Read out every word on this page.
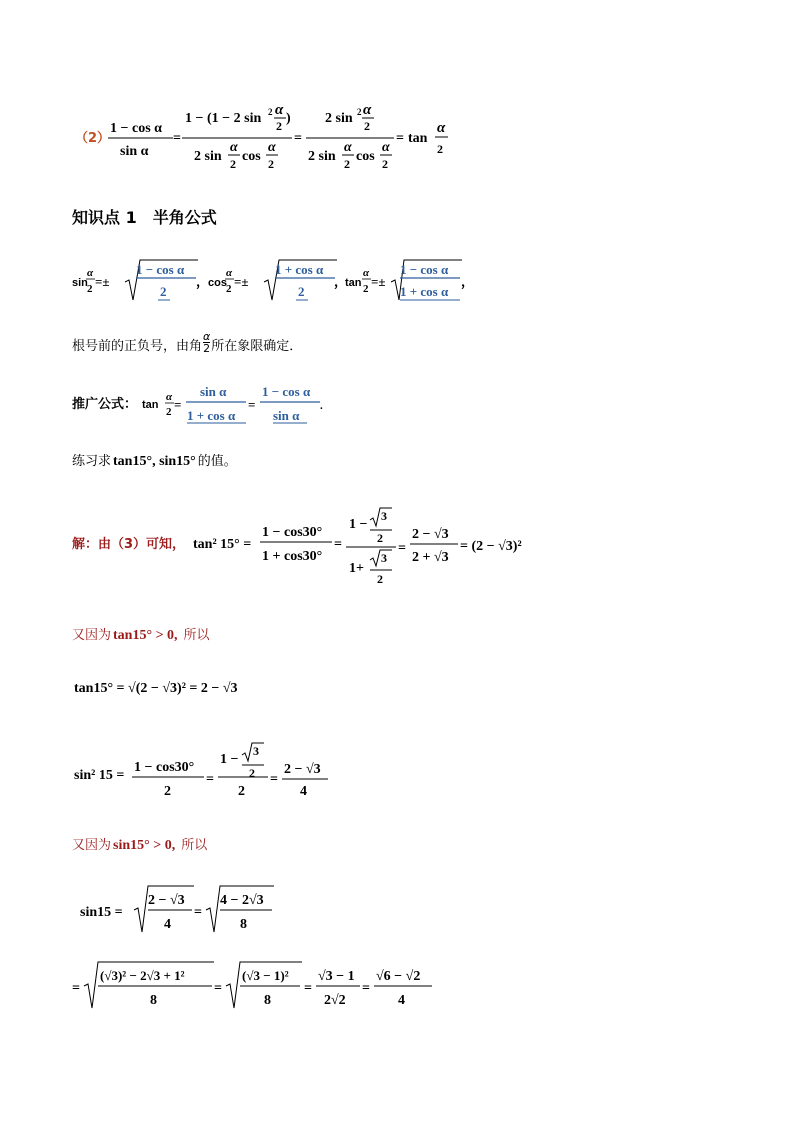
（2）
1 − cos α
sin α
=
1 − (1 − 2 sin 2 α
2 )
2 sin
α
2 cos
α
2
=
2 sin 2 α
2
2 sin
α
2 cos
α
2
= tan
α
2
知识点 1　半角公式
sin
α
2 =±
1 − cos α
2
，
cos
α
2 =±
1 + cos α
2
，
tan
α
2 =±
1 − cos α
1 + cos α
，
根号前的正负号，由角
α
2 所在象限确定．
推广公式： tan
α
2 =
sin α
1 + cos α
=
1 − cos α
sin α
.
练习求 tan15°, sin15° 的值。
解：由（3）可知， tan² 15° =
1 − cos30°
1 + cos30°
=
1 −
3
2
1+
3
2
=
2 − √3
2 + √3
= (2 − √3)²
又因为 tan15° > 0, 所以
tan15° = √(2 − √3)² = 2 − √3
sin² 15 =
1 − cos30°
2
=
1 −
3
2
2
=
2 − √3
4
又因为 sin15° > 0, 所以
sin15 =
2 − √3
4
=
4 − 2√3
8
=
(√3)² − 2√3 + 1²
8
=
(√3 − 1)²
8
=
√3 − 1
2√2
=
√6 − √2
4
